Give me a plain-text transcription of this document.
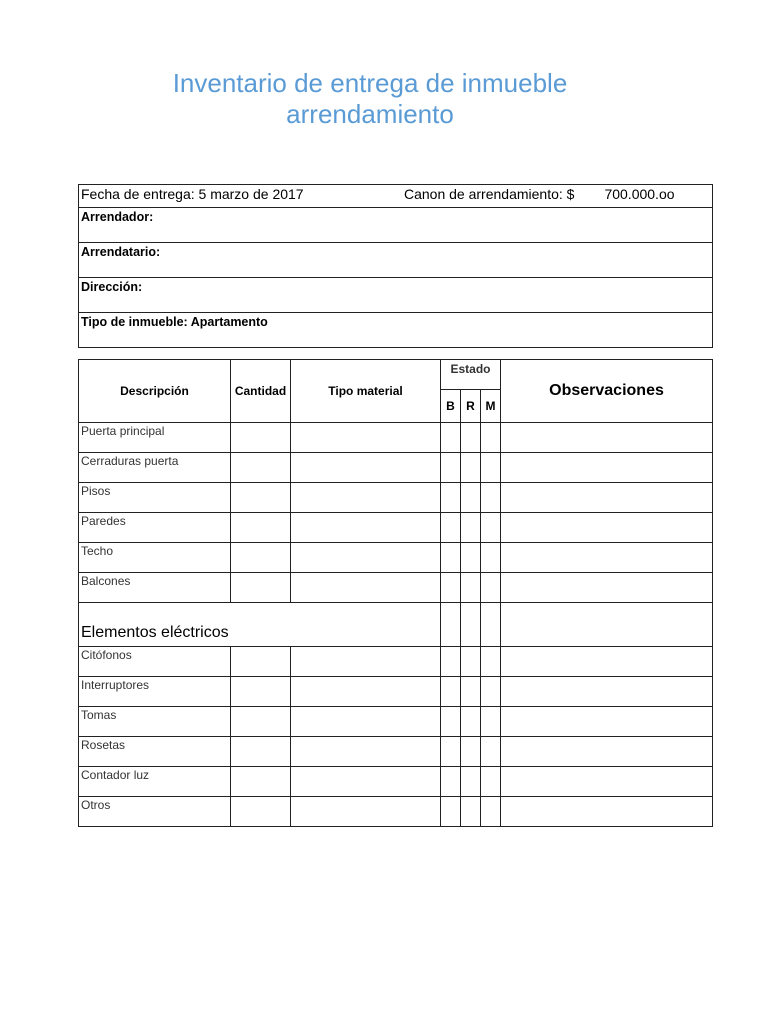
Inventario de entrega de inmueble
arrendamiento
Fecha de entrega: 5 marzo de 2017	Canon de arrendamiento: $ 700.000.oo

Arrendador:
Arrendatario:
Dirección:
Tipo de inmueble: Apartamento
Descripción	Cantidad	Tipo material	Estado			Observaciones
			B	R	M	
Puerta principal						
Cerraduras puerta						
Pisos						
Paredes						
Techo						
Balcones						
Elementos eléctricos						
Citófonos						
Interruptores						
Tomas						
Rosetas						
Contador luz						
Otros						
